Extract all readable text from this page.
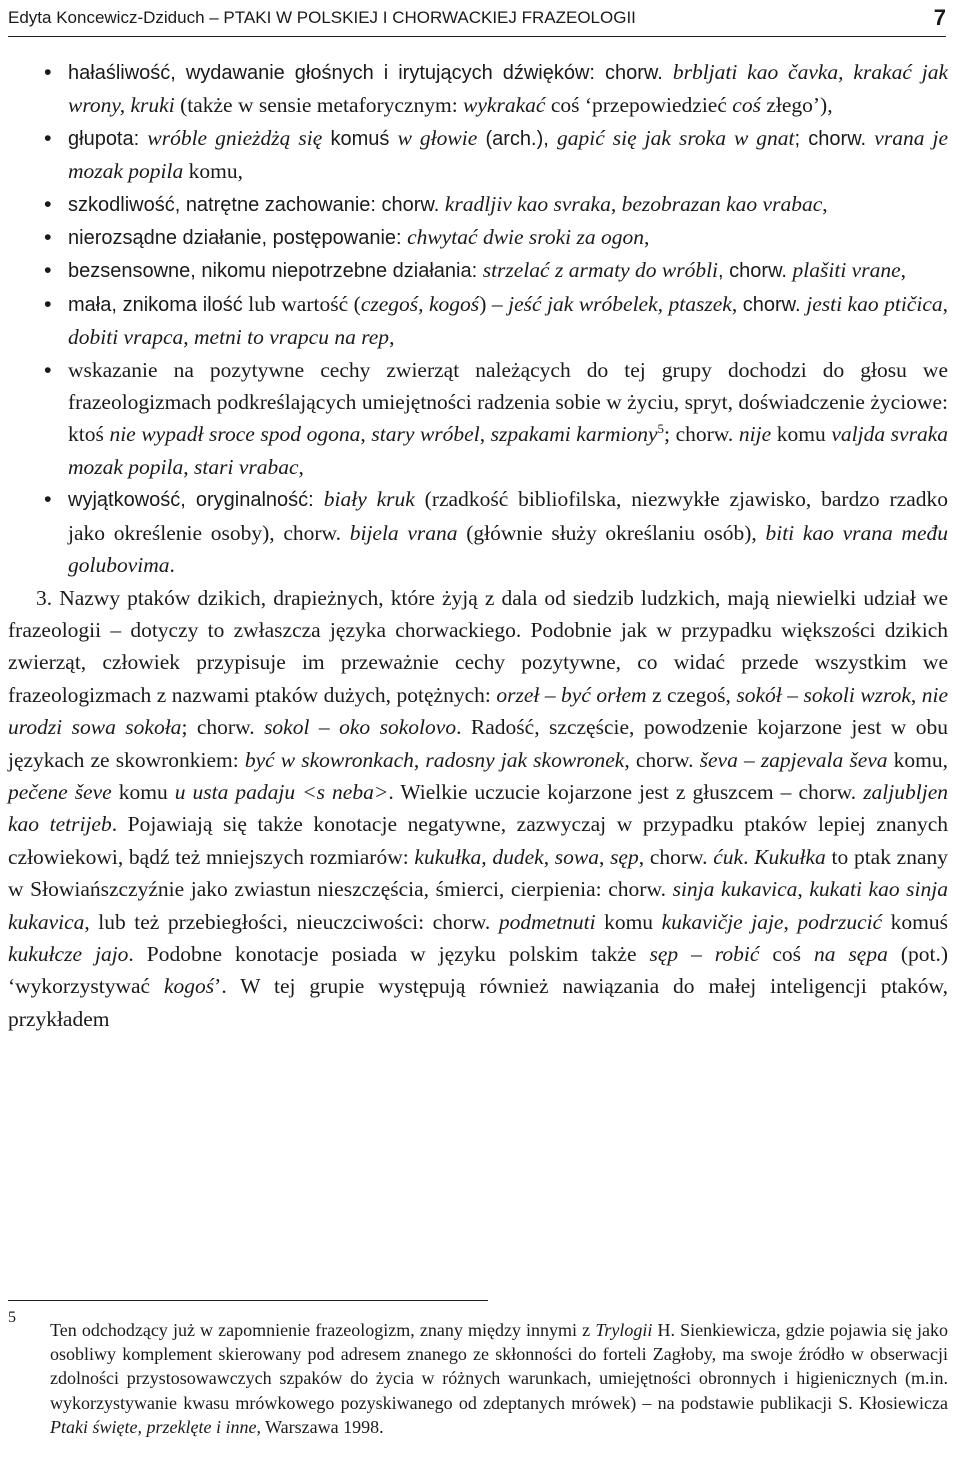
Edyta Koncewicz-Dziduch – PTAKI W POLSKIEJ I CHORWACKIEJ FRAZEOLOGII	7
• hałaśliwość, wydawanie głośnych i irytujących dźwięków: chorw. brbljati kao čavka, krakać jak wrony, kruki (także w sensie metaforycznym: wykrakać coś ‘przepowiedzieć coś złego’),
• głupota: wróble gnieżdżą się komuś w głowie (arch.), gapić się jak sroka w gnat; chorw. vrana je mozak popila komu,
• szkodliwość, natrętne zachowanie: chorw. kradljiv kao svraka, bezobrazan kao vrabac,
• nierozsądne działanie, postępowanie: chwytać dwie sroki za ogon,
• bezsensowne, nikomu niepotrzebne działania: strzelać z armaty do wróbli, chorw. plašiti vrane,
• mała, znikoma ilość lub wartość (czegoś, kogoś) – jeść jak wróbelek, ptaszek, chorw. jesti kao ptičica, dobiti vrapca, metni to vrapcu na rep,
• wskazanie na pozytywne cechy zwierząt należących do tej grupy dochodzi do głosu we frazeologizmach podkreślających umiejętności radzenia sobie w życiu, spryt, doświadczenie życiowe: ktoś nie wypadł sroce spod ogona, stary wróbel, szpakami karmiony$^5$; chorw. nije komu valjda svraka mozak popila, stari vrabac,
• wyjątkowość, oryginalność: biały kruk (rzadkość bibliofilska, niezwykłe zjawisko, bardzo rzadko jako określenie osoby), chorw. bijela vrana (głównie służy określaniu osób), biti kao vrana među golubovima.

3. Nazwy ptaków dzikich, drapieżnych, które żyją z dala od siedzib ludzkich, mają niewielki udział we frazeologii – dotyczy to zwłaszcza języka chorwackiego. Podobnie jak w przypadku większości dzikich zwierząt, człowiek przypisuje im przeważnie cechy pozytywne, co widać przede wszystkim we frazeologizmach z nazwami ptaków dużych, potężnych: orzeł – być orłem z czegoś, sokół – sokoli wzrok, nie urodzi sowa sokoła; chorw. sokol – oko sokolovo. Radość, szczęście, powodzenie kojarzone jest w obu językach ze skowronkiem: być w skowronkach, radosny jak skowronek, chorw. ševa – zapjevala ševa komu, pečene ševe komu u usta padaju <s neba>. Wielkie uczucie kojarzone jest z głuszcem – chorw. zaljubljen kao tetrijeb. Pojawiają się także konotacje negatywne, zazwyczaj w przypadku ptaków lepiej znanych człowiekowi, bądź też mniejszych rozmiarów: kukułka, dudek, sowa, sęp, chorw. ćuk. Kukułka to ptak znany w Słowiańszczyźnie jako zwiastun nieszczęścia, śmierci, cierpienia: chorw. sinja kukavica, kukati kao sinja kukavica, lub też przebiegłości, nieuczciwości: chorw. podmetnuti komu kukavičje jaje, podrzucić komuś kukułcze jajo. Podobne konotacje posiada w języku polskim także sęp – robić coś na sępa (pot.) ‘wykorzystywać kogoś’. W tej grupie występują również nawiązania do małej inteligencji ptaków, przykładem

5
Ten odchodzący już w zapomnienie frazeologizm, znany między innymi z Trylogii H. Sienkiewicza, gdzie pojawia się jako osobliwy komplement skierowany pod adresem znanego ze skłonności do forteli Zagłoby, ma swoje źródło w obserwacji zdolności przystosowawczych szpaków do życia w różnych warunkach, umiejętności obronnych i higienicznych (m.in. wykorzystywanie kwasu mrówkowego pozyskiwanego od zdeptanych mrówek) – na podstawie publikacji S. Kłosiewicza Ptaki święte, przeklęte i inne, Warszawa 1998.
